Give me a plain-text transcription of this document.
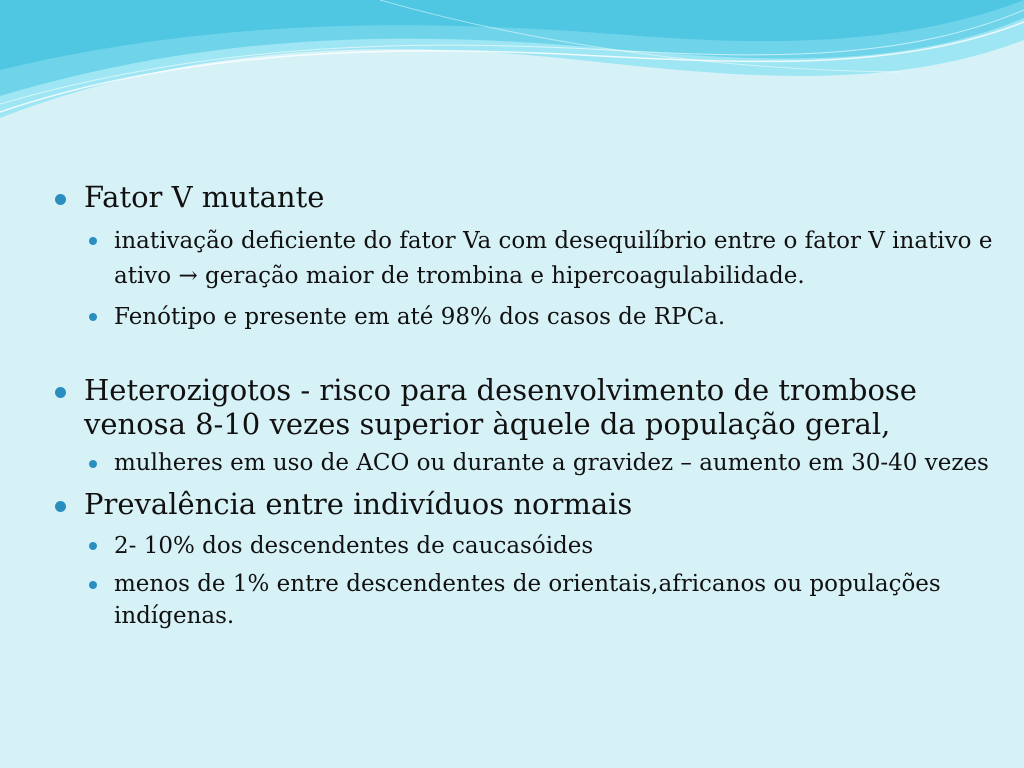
Fator V mutante
inativação deficiente do fator Va com desequilíbrio entre o fator V inativo e ativo → geração maior de trombina e hipercoagulabilidade.
Fenótipo e presente em até 98% dos casos de RPCa.
Heterozigotos - risco para desenvolvimento de trombose venosa 8-10 vezes superior àquele da população geral,
mulheres em uso de ACO ou durante a gravidez – aumento em 30-40 vezes
Prevalência entre indivíduos normais
2- 10% dos descendentes de caucasóides
menos de 1% entre descendentes de orientais,africanos ou populações indígenas.
